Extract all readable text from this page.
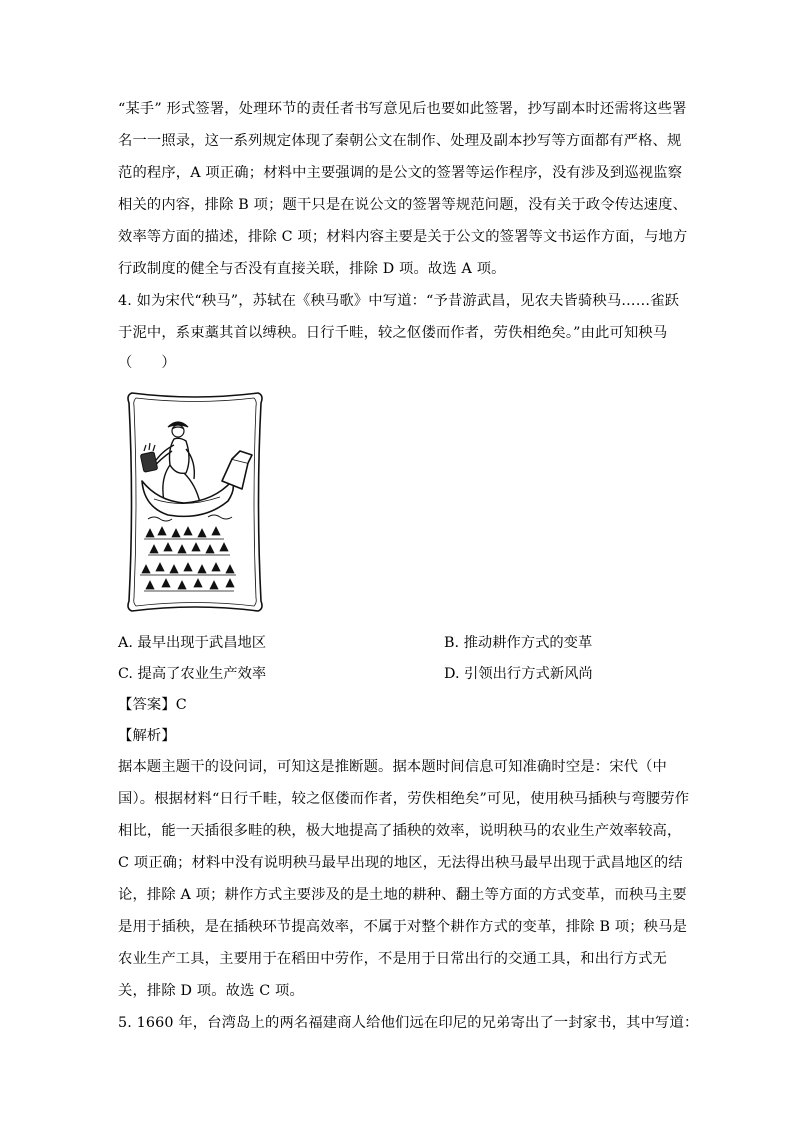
“某手” 形式签署，处理环节的责任者书写意见后也要如此签署，抄写副本时还需将这些署
名一一照录，这一系列规定体现了秦朝公文在制作、处理及副本抄写等方面都有严格、规
范的程序，A 项正确；材料中主要强调的是公文的签署等运作程序，没有涉及到巡视监察
相关的内容，排除 B 项；题干只是在说公文的签署等规范问题，没有关于政令传达速度、
效率等方面的描述，排除 C 项；材料内容主要是关于公文的签署等文书运作方面，与地方
行政制度的健全与否没有直接关联，排除 D 项。故选 A 项。
4. 如为宋代“秧马”，苏轼在《秧马歌》中写道：“予昔游武昌，见农夫皆骑秧马……雀跃
于泥中，系束藁其首以缚秧。日行千畦，较之伛偻而作者，劳佚相绝矣。”由此可知秧马
（　　）
A. 最早出现于武昌地区	B. 推动耕作方式的变革
C. 提高了农业生产效率	D. 引领出行方式新风尚
【答案】C
【解析】
据本题主题干的设问词，可知这是推断题。据本题时间信息可知准确时空是：宋代（中
国）。根据材料“日行千畦，较之伛偻而作者，劳佚相绝矣”可见，使用秧马插秧与弯腰劳作
相比，能一天插很多畦的秧，极大地提高了插秧的效率，说明秧马的农业生产效率较高，
C 项正确；材料中没有说明秧马最早出现的地区，无法得出秧马最早出现于武昌地区的结
论，排除 A 项；耕作方式主要涉及的是土地的耕种、翻土等方面的方式变革，而秧马主要
是用于插秧，是在插秧环节提高效率，不属于对整个耕作方式的变革，排除 B 项；秧马是
农业生产工具，主要用于在稻田中劳作，不是用于日常出行的交通工具，和出行方式无
关，排除 D 项。故选 C 项。
5. 1660 年，台湾岛上的两名福建商人给他们远在印尼的兄弟寄出了一封家书，其中写道：
